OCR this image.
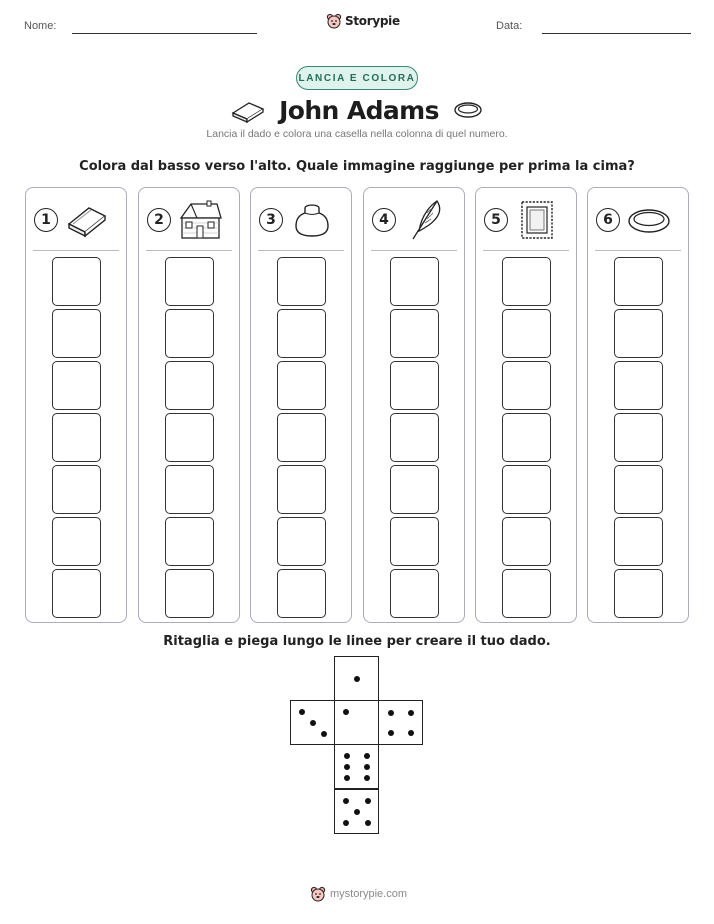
Nome:	Storypie	Data:
LANCIA E COLORA
John Adams
Lancia il dado e colora una casella nella colonna di quel numero.
Colora dal basso verso l'alto. Quale immagine raggiunge per prima la cima?
1	2	3	4	5	6
Ritaglia e piega lungo le linee per creare il tuo dado.
mystorypie.com
